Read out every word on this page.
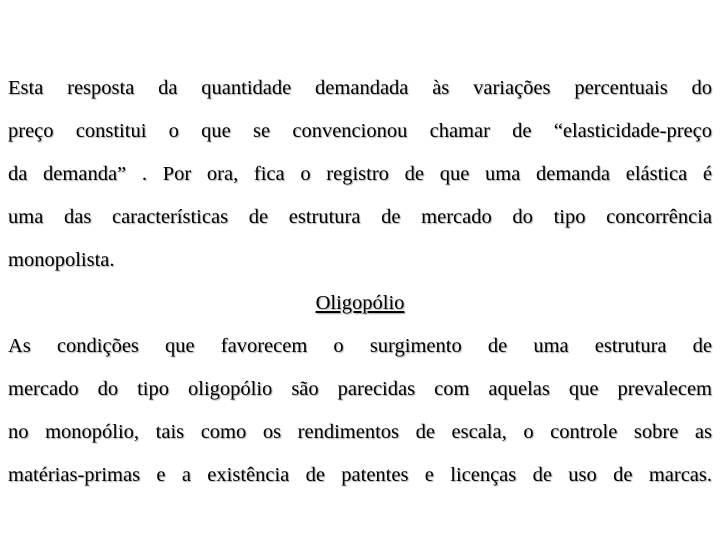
Esta resposta da quantidade demandada às variações percentuais do
preço constitui o que se convencionou chamar de “elasticidade-preço
da demanda” . Por ora, fica o registro de que uma demanda elástica é
uma das características de estrutura de mercado do tipo concorrência
monopolista.

Oligopólio

As condições que favorecem o surgimento de uma estrutura de
mercado do tipo oligopólio são parecidas com aquelas que prevalecem
no monopólio, tais como os rendimentos de escala, o controle sobre as
matérias-primas e a existência de patentes e licenças de uso de marcas.
